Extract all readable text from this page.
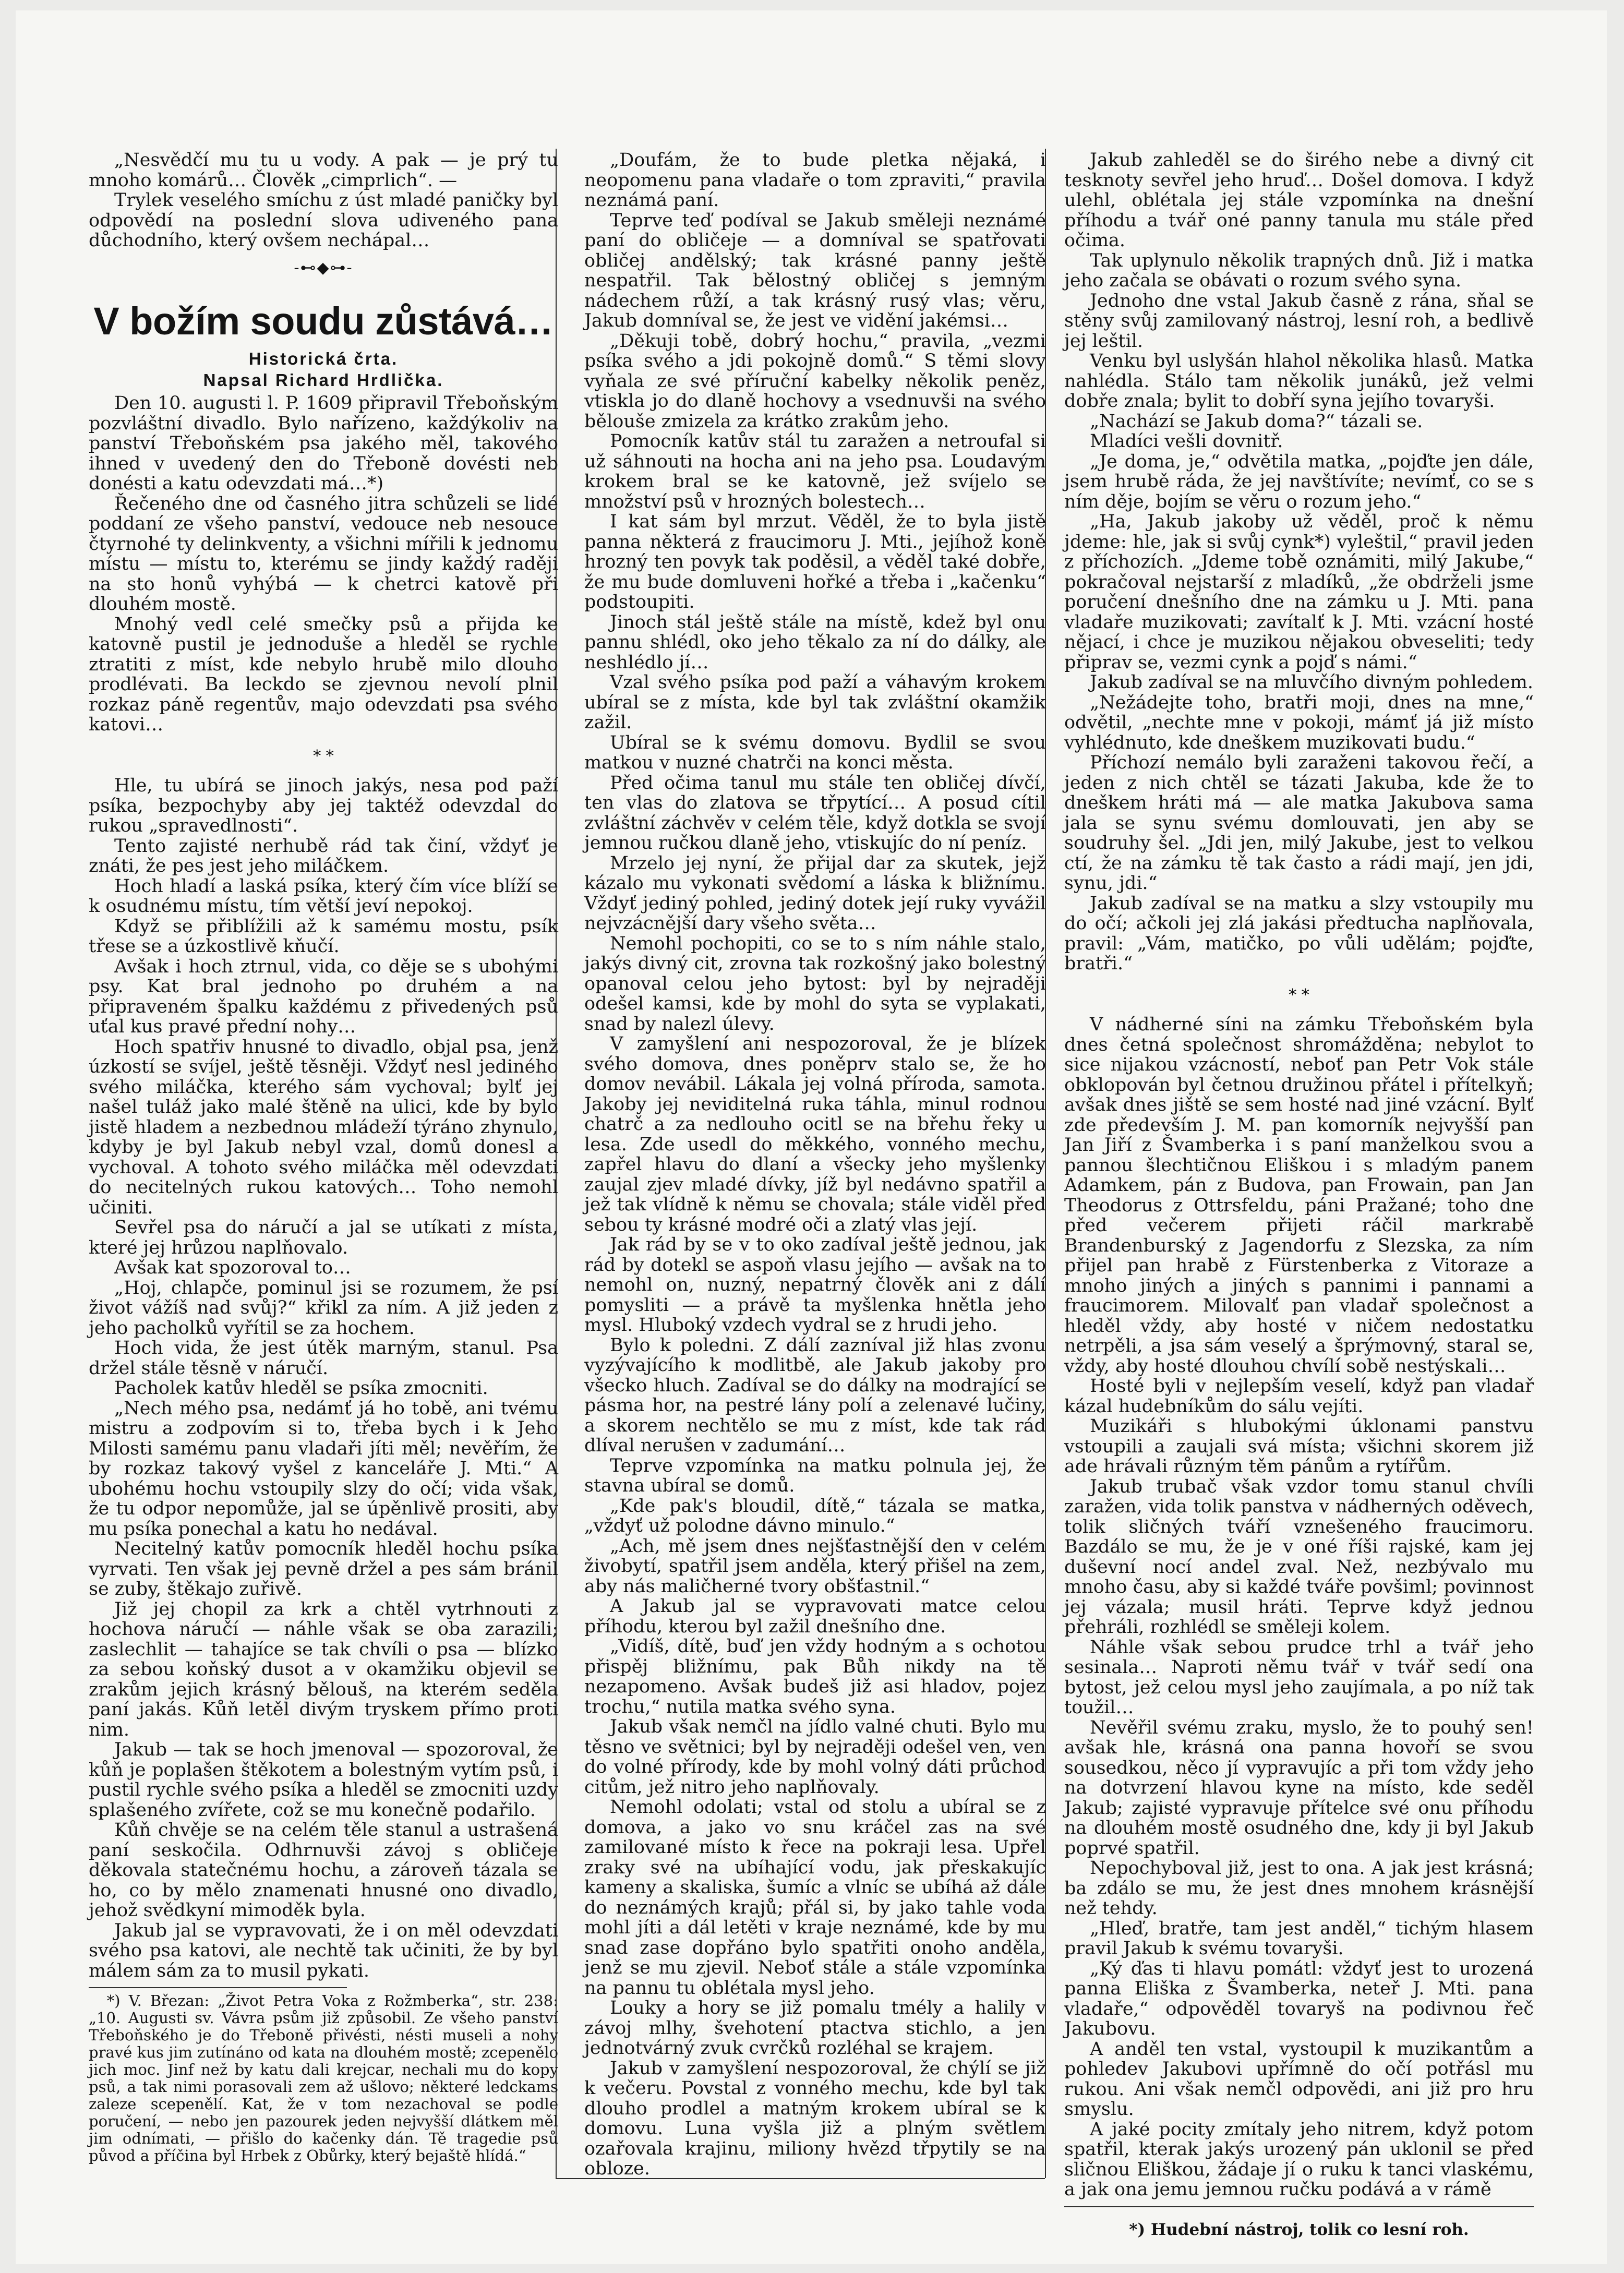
„Nesvědčí mu tu u vody. A pak — je prý tu mnoho komárů… Člověk „cimprlich“. —

Trylek veselého smíchu z úst mladé paničky byl odpovědí na poslední slova udiveného pana důchodního, který ovšem nechápal…

-⊷◆⊶-
V božím soudu zůstává…
Historická črta.
Napsal Richard Hrdlička.

Den 10. augusti l. P. 1609 připravil Třeboňským pozvláštní divadlo. Bylo nařízeno, každýkoliv na panství Třeboňském psa jakého měl, takového ihned v uvedený den do Třeboně dovésti neb donésti a katu odevzdati má…*)

Řečeného dne od časného jitra schůzeli se lidé poddaní ze všeho panství, vedouce neb nesouce čtyrnohé ty delinkventy, a všichni mířili k jednomu místu — místu to, kterému se jindy každý raději na sto honů vyhýbá — k chetrci katově při dlouhém mostě.

Mnohý vedl celé smečky psů a přijda ke katovně pustil je jednoduše a hleděl se rychle ztratiti z míst, kde nebylo hrubě milo dlouho prodlévati. Ba leckdo se zjevnou nevolí plnil rozkaz páně regentův, majo odevzdati psa svého katovi…

* *

Hle, tu ubírá se jinoch jakýs, nesa pod paží psíka, bezpochyby aby jej taktéž odevzdal do rukou „spravedlnosti“.

Tento zajisté nerhubě rád tak činí, vždyť je znáti, že pes jest jeho miláčkem.

Hoch hladí a laská psíka, který čím více blíží se k osudnému místu, tím větší jeví nepokoj.

Když se přiblížili až k samému mostu, psík třese se a úzkostlivě kňučí.

Avšak i hoch ztrnul, vida, co děje se s ubohými psy. Kat bral jednoho po druhém a na připraveném špalku každému z přivedených psů uťal kus pravé přední nohy…

Hoch spatřiv hnusné to divadlo, objal psa, jenž úzkostí se svíjel, ještě těsněji. Vždyť nesl jediného svého miláčka, kterého sám vychoval; bylť jej našel tuláž jako malé štěně na ulici, kde by bylo jistě hladem a nezbednou mládeží týráno zhynulo, kdyby je byl Jakub nebyl vzal, domů donesl a vychoval. A tohoto svého miláčka měl odevzdati do necitelných rukou katových… Toho nemohl učiniti.

Sevřel psa do náručí a jal se utíkati z místa, které jej hrůzou naplňovalo.

Avšak kat spozoroval to…

„Hoj, chlapče, pominul jsi se rozumem, že psí život vážíš nad svůj?“ křikl za ním. A již jeden z jeho pacholků vyřítil se za hochem.

Hoch vida, že jest útěk marným, stanul. Psa držel stále těsně v náručí.

Pacholek katův hleděl se psíka zmocniti.

„Nech mého psa, nedámť já ho tobě, ani tvému mistru a zodpovím si to, třeba bych i k Jeho Milosti samému panu vladaři jíti měl; nevěřím, že by rozkaz takový vyšel z kanceláře J. Mti.“ A ubohému hochu vstoupily slzy do očí; vida však, že tu odpor nepomůže, jal se úpěnlivě prositi, aby mu psíka ponechal a katu ho nedával.

Necitelný katův pomocník hleděl hochu psíka vyrvati. Ten však jej pevně držel a pes sám bránil se zuby, štěkajo zuřivě.

Již jej chopil za krk a chtěl vytrhnouti z hochova náručí — náhle však se oba zarazili; zaslechlit — tahajíce se tak chvíli o psa — blízko za sebou koňský dusot a v okamžiku objevil se zrakům jejich krásný bělouš, na kterém seděla paní jakás. Kůň letěl divým tryskem přímo proti nim.

Jakub — tak se hoch jmenoval — spozoroval, že kůň je poplašen štěkotem a bolestným vytím psů, i pustil rychle svého psíka a hleděl se zmocniti uzdy splašeného zvířete, což se mu konečně podařilo.

Kůň chvěje se na celém těle stanul a ustrašená paní seskočila. Odhrnuvši závoj s obličeje děkovala statečnému hochu, a zároveň tázala se ho, co by mělo znamenati hnusné ono divadlo, jehož svědkyní mimoděk byla.

Jakub jal se vypravovati, že i on měl odevzdati svého psa katovi, ale nechtě tak učiniti, že by byl málem sám za to musil pykati.

*) V. Březan: „Život Petra Voka z Rožmberka“, str. 238: „10. Augusti sv. Vávra psům již způsobil. Ze všeho panství Třeboňského je do Třeboně přivésti, nésti museli a nohy pravé kus jim zutínáno od kata na dlouhém mostě; zcepenělo jich moc. Jinf než by katu dali krejcar, nechali mu do kopy psů, a tak nimi porasovali zem až ušlovo; některé ledckams zaleze scepenělí. Kat, že v tom nezachoval se podle poručení, — nebo jen pazourek jeden nejvyšší dlátkem měl jim odnímati, — přišlo do kačenky dán. Tě tragedie psů původ a příčina byl Hrbek z Obůrky, který bejaště hlídá.“

„Doufám, že to bude pletka nějaká, i neopomenu pana vladaře o tom zpraviti,“ pravila neznámá paní.

Teprve teď podíval se Jakub směleji neznámé paní do obličeje — a domníval se spatřovati obličej andělský; tak krásné panny ještě nespatřil. Tak bělostný obličej s jemným nádechem růží, a tak krásný rusý vlas; věru, Jakub domníval se, že jest ve vidění jakémsi…

„Děkuji tobě, dobrý hochu,“ pravila, „vezmi psíka svého a jdi pokojně domů.“ S těmi slovy vyňala ze své příruční kabelky několik peněz, vtiskla jo do dlaně hochovy a vsednuvši na svého běloušе zmizela za krátko zrakům jeho.

Pomocník katův stál tu zaražen a netroufal si už sáhnouti na hocha ani na jeho psa. Loudavým krokem bral se ke katovně, jež svíjelo se množství psů v hrozných bolestech…

I kat sám byl mrzut. Věděl, že to byla jistě panna některá z fraucimoru J. Mti., jejíhož koně hrozný ten povyk tak poděsil, a věděl také dobře, že mu bude domluveni hořké a třeba i „kačenku“ podstoupiti.

Jinoch stál ještě stále na místě, kdež byl onu pannu shlédl, oko jeho těkalo za ní do dálky, ale neshlédlo jí…

Vzal svého psíka pod paží a váhavým krokem ubíral se z místa, kde byl tak zvláštní okamžik zažil.

Ubíral se k svému domovu. Bydlil se svou matkou v nuzné chatrči na konci města.

Před očima tanul mu stále ten obličej dívčí, ten vlas do zlatova se třpytící… A posud cítil zvláštní záchvěv v celém těle, když dotkla se svojí jemnou ručkou dlaně jeho, vtiskujíc do ní peníz.

Mrzelo jej nyní, že přijal dar za skutek, jejž kázalo mu vykonati svědomí a láska k bližnímu. Vždyť jediný pohled, jediný dotek její ruky vyvážil nejvzácnější dary všeho světa…

Nemohl pochopiti, co se to s ním náhle stalo, jakýs divný cit, zrovna tak rozkošný jako bolestný opanoval celou jeho bytost: byl by nejraději odešel kamsi, kde by mohl do syta se vyplakati, snad by nalezl úlevy.

V zamyšlení ani nespozoroval, že je blízek svého domova, dnes poněprv stalo se, že ho domov nevábil. Lákala jej volná příroda, samota. Jakoby jej neviditelná ruka táhla, minul rodnou chatrč a za nedlouho ocitl se na břehu řeky u lesa. Zde usedl do měkkého, vonného mechu, zapřel hlavu do dlaní a všecky jeho myšlenky zaujal zjev mladé dívky, jíž byl nedávno spatřil a jež tak vlídně k němu se chovala; stále viděl před sebou ty krásné modré oči a zlatý vlas její.

Jak rád by se v to oko zadíval ještě jednou, jak rád by dotekl se aspoň vlasu jejího — avšak na to nemohl on, nuzný, nepatrný člověk ani z dálí pomysliti — a právě ta myšlenka hnětla jeho mysl. Hluboký vzdech vydral se z hrudi jeho.

Bylo k poledni. Z dálí zazníval již hlas zvonu vyzývajícího k modlitbě, ale Jakub jakoby pro všecko hluch. Zadíval se do dálky na modrající se pásma hor, na pestré lány polí a zelenavé lučiny, a skorem nechtělo se mu z míst, kde tak rád dlíval nerušen v zadumání…

Teprve vzpomínka na matku polnula jej, že stavna ubíral se domů.

„Kde pak's bloudil, dítě,“ tázala se matka, „vždyť už polodne dávno minulo.“

„Ach, mě jsem dnes nejšťastnější den v celém živobytí, spatřil jsem anděla, který přišel na zem, aby nás maličherné tvory obšťastnil.“

A Jakub jal se vypravovati matce celou příhodu, kterou byl zažil dnešního dne.

„Vidíš, dítě, buď jen vždy hodným a s ochotou přispěj bližnímu, pak Bůh nikdy na tě nezapomeno. Avšak budeš již asi hladov, pojez trochu,“ nutila matka svého syna.

Jakub však nemčl na jídlo valné chuti. Bylo mu těsno ve světnici; byl by nejraději odešel ven, ven do volné přírody, kde by mohl volný dáti průchod citům, jež nitro jeho naplňovaly.

Nemohl odolati; vstal od stolu a ubíral se z domova, a jako vo snu kráčel zas na své zamilované místo k řece na pokraji lesa. Upřel zraky své na ubíhající vodu, jak přeskakujíc kameny a skaliska, šumíc a vlníc se ubíhá až dále do neznámých krajů; přál si, by jako tahle voda mohl jíti a dál letěti v kraje neznámé, kde by mu snad zase dopřáno bylo spatřiti onoho anděla, jenž se mu zjevil. Neboť stále a stále vzpomínka na pannu tu oblétala mysl jeho.

Louky a hory se již pomalu tmély a halily v závoj mlhy, švehotení ptactva stichlo, a jen jednotvárný zvuk cvrčků rozléhal se krajem.

Jakub v zamyšlení nespozoroval, že chýlí se již k večeru. Povstal z vonného mechu, kde byl tak dlouho prodlel a matným krokem ubíral se k domovu. Luna vyšla již a plným světlem ozařovala krajinu, miliony hvězd třpytily se na obloze.

Jakub zahleděl se do širého nebe a divný cit tesknoty sevřel jeho hruď… Došel domova. I když ulehl, oblétala jej stále vzpomínka na dnešní příhodu a tvář oné panny tanula mu stále před očima.

Tak uplynulo několik trapných dnů. Již i matka jeho začala se obávati o rozum svého syna.

Jednoho dne vstal Jakub časně z rána, sňal se stěny svůj zamilovaný nástroj, lesní roh, a bedlivě jej leštil.

Venku byl uslyšán hlahol několika hlasů. Matka nahlédla. Stálo tam několik junáků, jež velmi dobře znala; bylit to dobří syna jejího tovaryši.

„Nachází se Jakub doma?“ tázali se.

Mladíci vešli dovnitř.

„Je doma, je,“ odvětila matka, „pojďte jen dále, jsem hrubě ráda, že jej navštívíte; nevímť, co se s ním děje, bojím se věru o rozum jeho.“

„Ha, Jakub jakoby už věděl, proč k němu jdeme: hle, jak si svůj cynk*) vyleštil,“ pravil jeden z příchozích. „Jdeme tobě oznámiti, milý Jakube,“ pokračoval nejstarší z mladíků, „že obdrželi jsme poručení dnešního dne na zámku u J. Mti. pana vladaře muzikovati; zavítalť k J. Mti. vzácní hosté nějací, i chce je muzikou nějakou obveseliti; tedy připrav se, vezmi cynk a pojď s námi.“

Jakub zadíval se na mluvčího divným pohledem.

„Nežádejte toho, bratři moji, dnes na mne,“ odvětil, „nechte mne v pokoji, mámť já již místo vyhlédnuto, kde dneškem muzikovati budu.“

Příchozí nemálo byli zaraženi takovou řečí, a jeden z nich chtěl se tázati Jakuba, kde že to dneškem hráti má — ale matka Jakubova sama jala se synu svému domlouvati, jen aby se soudruhy šel. „Jdi jen, milý Jakube, jest to velkou ctí, že na zámku tě tak často a rádi mají, jen jdi, synu, jdi.“

Jakub zadíval se na matku a slzy vstoupily mu do očí; ačkoli jej zlá jakási předtucha naplňovala, pravil: „Vám, matičko, po vůli udělám; pojďte, bratři.“

* *

V nádherné síni na zámku Třeboňském byla dnes četná společnost shromážděna; nebylot to sice nijakou vzácností, neboť pan Petr Vok stále obklopován byl četnou družinou přátel i přítelkyň; avšak dnes jiště se sem hosté nad jiné vzácní. Bylť zde především J. M. pan komorník nejvyšší pan Jan Jiří z Švamberka i s paní manželkou svou a pannou šlechtičnou Eliškou i s mladým panem Adamkem, pán z Budova, pan Frowain, pan Jan Theodorus z Ottrsfeldu, páni Pražané; toho dne před večerem přijeti ráčil markrabě Brandenburský z Jagendorfu z Slezska, za ním přijel pan hrabě z Fürstenberka z Vitoraze a mnoho jiných a jiných s pannimi i pannami a fraucimorem. Milovalť pan vladař společnost a hleděl vždy, aby hosté v ničem nedostatku netrpěli, a jsa sám veselý a šprýmovný, staral se, vždy, aby hosté dlouhou chvílí sobě nestýskali…

Hosté byli v nejlepším veselí, když pan vladař kázal hudebníkům do sálu vejíti.

Muzikáři s hlubokými úklonami panstvu vstoupili a zaujali svá místa; všichni skorem již ade hrávali různým těm pánům a rytířům.

Jakub trubač však vzdor tomu stanul chvíli zaražen, vida tolik panstva v nádherných oděvech, tolik sličných tváří vznešeného fraucimoru. Bazdálo se mu, že je v oné říši rajské, kam jej duševní nocí andel zval. Než, nezbývalo mu mnoho času, aby si každé tváře povšiml; povinnost jej vázala; musil hráti. Teprve když jednou přehráli, rozhlédl se směleji kolem.

Náhle však sebou prudce trhl a tvář jeho sesinala… Naproti němu tvář v tvář sedí ona bytost, jež celou mysl jeho zaujímala, a po níž tak toužil…

Nevěřil svému zraku, myslo, že to pouhý sen! avšak hle, krásná ona panna hovoří se svou sousedkou, něco jí vypravujíc a při tom vždy jeho na dotvrzení hlavou kyne na místo, kde seděl Jakub; zajisté vypravuje přítelce své onu příhodu na dlouhém mostě osudného dne, kdy ji byl Jakub poprvé spatřil.

Nepochyboval již, jest to ona. A jak jest krásná; ba zdálo se mu, že jest dnes mnohem krásnější než tehdy.

„Hleď, bratře, tam jest anděl,“ tichým hlasem pravil Jakub k svému tovaryši.

„Ký ďas ti hlavu pomátl: vždyť jest to urozená panna Eliška z Švamberka, neteř J. Mti. pana vladaře,“ odpověděl tovaryš na podivnou řeč Jakubovu.

A anděl ten vstal, vystoupil k muzikantům a pohledev Jakubovi upřímně do očí potřásl mu rukou. Ani však nemčl odpovědi, ani již pro hru smyslu.

A jaké pocity zmítaly jeho nitrem, když potom spatřil, kterak jakýs urozený pán uklonil se před sličnou Eliškou, žádaje jí o ruku k tanci vlaskému, a jak ona jemu jemnou ručku podává a v rámě

*) Hudební nástroj, tolik co lesní roh.
